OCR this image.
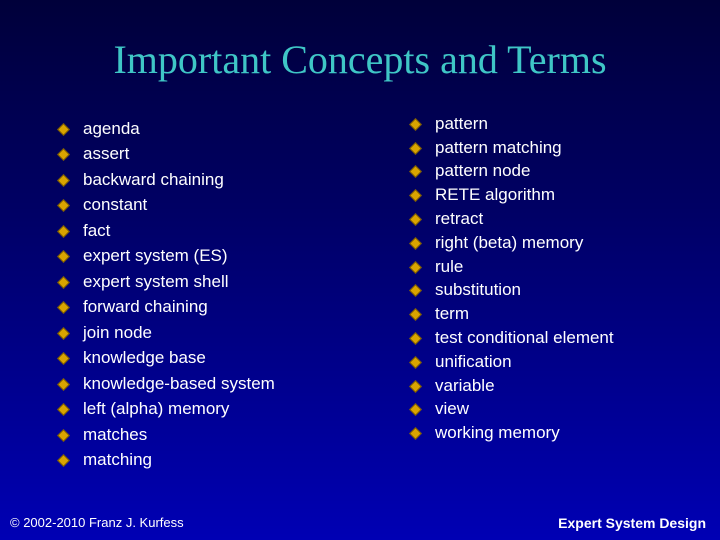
Important Concepts and Terms
agenda
assert
backward chaining
constant
fact
expert system (ES)
expert system shell
forward chaining
join node
knowledge base
knowledge-based system
left (alpha) memory
matches
matching
pattern
pattern matching
pattern node
RETE algorithm
retract
right (beta) memory
rule
substitution
term
test conditional element
unification
variable
view
working memory
© 2002-2010 Franz J. Kurfess	Expert System Design
